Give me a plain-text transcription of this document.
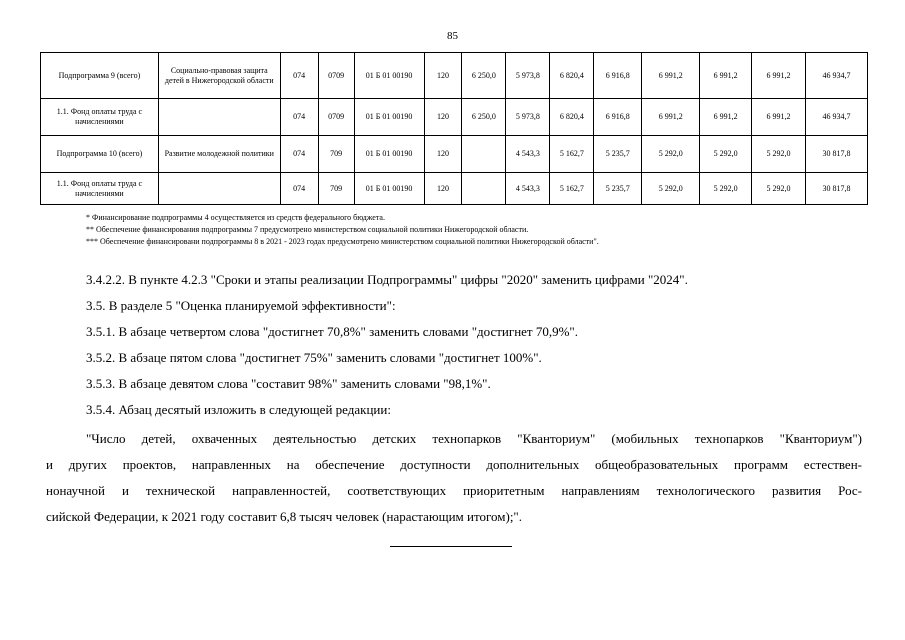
85
Подпрограмма 9 (всего)	Социально-правовая защита детей в Нижегородской области	074	0709	01 Б 01 00190	120	6 250,0	5 973,8	6 820,4	6 916,8	6 991,2	6 991,2	6 991,2	46 934,7
1.1. Фонд оплаты труда с начислениями		074	0709	01 Б 01 00190	120	6 250,0	5 973,8	6 820,4	6 916,8	6 991,2	6 991,2	6 991,2	46 934,7
Подпрограмма 10 (всего)	Развитие молодежной политики	074	709	01 Б 01 00190	120		4 543,3	5 162,7	5 235,7	5 292,0	5 292,0	5 292,0	30 817,8
1.1. Фонд оплаты труда с начислениями		074	709	01 Б 01 00190	120		4 543,3	5 162,7	5 235,7	5 292,0	5 292,0	5 292,0	30 817,8
* Финансирование подпрограммы 4 осуществляется из средств федерального бюджета.
** Обеспечение финансирования подпрограммы 7 предусмотрено министерством социальной политики Нижегородской области.
*** Обеспечение финансировани подпрограммы 8 в 2021 - 2023 годах предусмотрено министерством социальной политики Нижегородской области".
3.4.2.2. В пункте 4.2.3 "Сроки и этапы реализации Подпрограммы" цифры "2020" заменить цифрами "2024".
3.5. В разделе 5 "Оценка планируемой эффективности":
3.5.1. В абзаце четвертом слова "достигнет 70,8%" заменить словами "достигнет 70,9%".
3.5.2. В абзаце пятом слова "достигнет 75%" заменить словами "достигнет 100%".
3.5.3. В абзаце девятом слова "составит 98%" заменить словами "98,1%".
3.5.4. Абзац десятый изложить в следующей редакции:
"Число детей, охваченных деятельностью детских технопарков "Кванториум" (мобильных технопарков "Кванториум")
и других проектов, направленных на обеспечение доступности дополнительных общеобразовательных программ естествен-
нонаучной и технической направленностей, соответствующих приоритетным направлениям технологического развития Рос-
сийской Федерации, к 2021 году составит 6,8 тысяч человек (нарастающим итогом);".
